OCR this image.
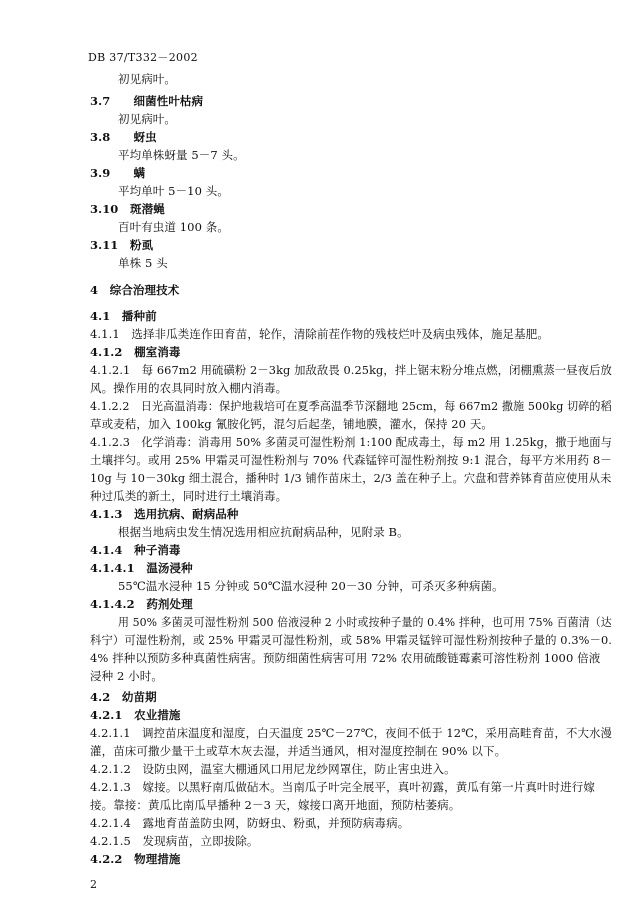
DB 37/T332－2002
初见病叶。
3.7　　 细菌性叶枯病
初见病叶。
3.8　　 蚜虫
平均单株蚜量 5－7 头。
3.9　　 螨
平均单叶 5－10 头。
3.10　 斑潜蝇
百叶有虫道 100 条。
3.11　 粉虱
单株 5 头
4　 综合治理技术
4.1　 播种前
4.1.1　选择非瓜类连作田育苗，轮作，清除前茬作物的残枝烂叶及病虫残体，施足基肥。
4.1.2　 棚室消毒
4.1.2.1　每 667m2 用硫磺粉 2－3kg 加敌敌畏 0.25kg，拌上锯末粉分堆点燃，闭棚熏蒸一昼夜后放
风。操作用的农具同时放入棚内消毒。
4.1.2.2　日光高温消毒：保护地栽培可在夏季高温季节深翻地 25cm，每 667m2 撒施 500kg 切碎的稻
草或麦秸，加入 100kg 氰胺化钙，混匀后起垄，铺地膜，灌水，保持 20 天。
4.1.2.3　化学消毒：消毒用 50% 多菌灵可湿性粉剂 1:100 配成毒土，每 m2 用 1.25kg，撒于地面与
土壤拌匀。或用 25% 甲霜灵可湿性粉剂与 70% 代森锰锌可湿性粉剂按 9:1 混合，每平方米用药 8－
10g 与 10－30kg 细土混合，播种时 1/3 铺作苗床土，2/3 盖在种子上。穴盘和营养钵育苗应使用从未
种过瓜类的新土，同时进行土壤消毒。
4.1.3　选用抗病、耐病品种
根据当地病虫发生情况选用相应抗耐病品种，见附录 B。
4.1.4　 种子消毒
4.1.4.1　 温汤浸种
55℃温水浸种 15 分钟或 50℃温水浸种 20－30 分钟，可杀灭多种病菌。
4.1.4.2　 药剂处理
用 50% 多菌灵可湿性粉剂 500 倍液浸种 2 小时或按种子量的 0.4% 拌种，也可用 75% 百菌清（达
科宁）可湿性粉剂，或 25% 甲霜灵可湿性粉剂，或 58% 甲霜灵锰锌可湿性粉剂按种子量的 0.3%－0.
4% 拌种以预防多种真菌性病害。预防细菌性病害可用 72% 农用硫酸链霉素可溶性粉剂 1000 倍液
浸种 2 小时。
4.2　 幼苗期
4.2.1　 农业措施
4.2.1.1　调控苗床温度和湿度，白天温度 25℃－27℃，夜间不低于 12℃，采用高畦育苗，不大水漫
灌，苗床可撒少量干土或草木灰去湿，并适当通风，相对湿度控制在 90% 以下。
4.2.1.2　设防虫网，温室大棚通风口用尼龙纱网罩住，防止害虫进入。
4.2.1.3　嫁接。以黑籽南瓜做砧木。当南瓜子叶完全展平，真叶初露，黄瓜有第一片真叶时进行嫁
接。靠接：黄瓜比南瓜早播种 2－3 天，嫁接口离开地面，预防枯萎病。
4.2.1.4　露地育苗盖防虫网，防蚜虫、粉虱，并预防病毒病。
4.2.1.5　发现病苗，立即拔除。
4.2.2　 物理措施
2
